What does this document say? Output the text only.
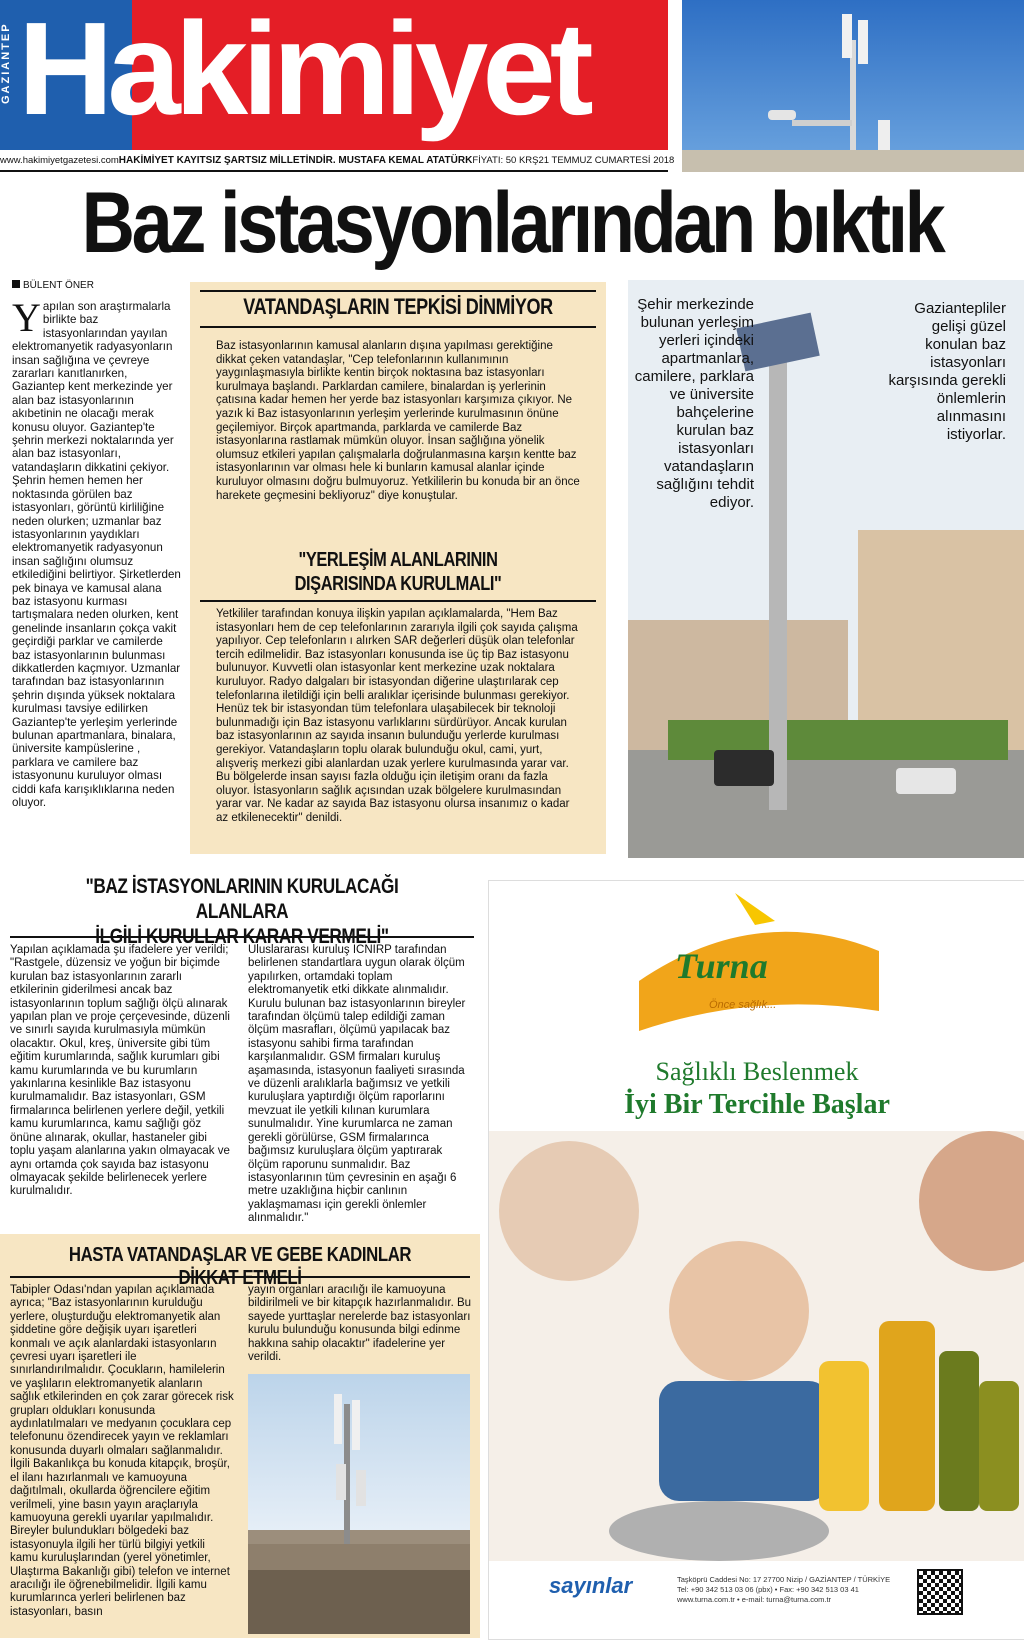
GAZIANTEP Hakimiyet
www.hakimiyetgazetesi.com HAKİMİYET KAYITSIZ ŞARTSIZ MİLLETİNDİR. MUSTAFA KEMAL ATATÜRK FİYATI: 50 KRŞ 21 TEMMUZ CUMARTESİ 2018
Baz istasyonlarından bıktık
BÜLENT ÖNER
Yapılan son araştırmalarla birlikte baz istasyonlarından yayılan elektromanyetik radyasyonların insan sağlığına ve çevreye zararları kanıtlanırken, Gaziantep kent merkezinde yer alan baz istasyonlarının akıbetinin ne olacağı merak konusu oluyor. Gaziantep'te şehrin merkezi noktalarında yer alan baz istasyonları, vatandaşların dikkatini çekiyor. Şehrin hemen hemen her noktasında görülen baz istasyonları, görüntü kirliliğine neden olurken; uzmanlar baz istasyonlarının yaydıkları elektromanyetik radyasyonun insan sağlığını olumsuz etkilediğini belirtiyor. Şirketlerden pek binaya ve kamusal alana baz istasyonu kurması tartışmalara neden olurken, kent genelinde insanların çokça vakit geçirdiği parklar ve camilerde baz istasyonlarının bulunması dikkatlerden kaçmıyor. Uzmanlar tarafından baz istasyonlarının şehrin dışında yüksek noktalara kurulması tavsiye edilirken Gaziantep'te yerleşim yerlerinde bulunan apartmanlara, binalara, üniversite kampüslerine , parklara ve camilere baz istasyonunu kuruluyor olması ciddi kafa karışıklıklarına neden oluyor.
VATANDAŞLARIN TEPKİSİ DİNMİYOR
Baz istasyonlarının kamusal alanların dışına yapılması gerektiğine dikkat çeken vatandaşlar, "Cep telefonlarının kullanımının yaygınlaşmasıyla birlikte kentin birçok noktasına baz istasyonları kurulmaya başlandı. Parklardan camilere, binalardan iş yerlerinin çatısına kadar hemen her yerde baz istasyonları karşımıza çıkıyor. Ne yazık ki Baz istasyonlarının yerleşim yerlerinde kurulmasının önüne geçilemiyor. Birçok apartmanda, parklarda ve camilerde Baz istasyonlarına rastlamak mümkün oluyor. İnsan sağlığına yönelik olumsuz etkileri yapılan çalışmalarla doğrulanmasına karşın kentte baz istasyonlarının var olması hele ki bunların kamusal alanlar içinde kuruluyor olmasını doğru bulmuyoruz. Yetkililerin bu konuda bir an önce harekete geçmesini bekliyoruz" diye konuştular.
"YERLEŞİM ALANLARININ
DIŞARISINDA KURULMALI"
Yetkililer tarafından konuya ilişkin yapılan açıklamalarda, "Hem Baz istasyonları hem de cep telefonlarının zararıyla ilgili çok sayıda çalışma yapılıyor. Cep telefonların ı alırken SAR değerleri düşük olan telefonlar tercih edilmelidir. Baz istasyonları konusunda ise üç tip Baz istasyonu bulunuyor. Kuvvetli olan istasyonlar kent merkezine uzak noktalara kuruluyor. Radyo dalgaları bir istasyondan diğerine ulaştırılarak cep telefonlarına iletildiği için belli aralıklar içerisinde bulunması gerekiyor. Henüz tek bir istasyondan tüm telefonlara ulaşabilecek bir teknoloji bulunmadığı için Baz istasyonu varlıklarını sürdürüyor. Ancak kurulan baz istasyonlarının az sayıda insanın bulunduğu yerlerde kurulması gerekiyor. Vatandaşların toplu olarak bulunduğu okul, cami, yurt, alışveriş merkezi gibi alanlardan uzak yerlere kurulmasında yarar var. Bu bölgelerde insan sayısı fazla olduğu için iletişim oranı da fazla oluyor. İstasyonların sağlık açısından uzak bölgelere kurulmasından yarar var. Ne kadar az sayıda Baz istasyonu olursa insanımız o kadar az etkilenecektir" denildi.
Şehir merkezinde bulunan yerleşim yerleri içindeki apartmanlara, camilere, parklara ve üniversite bahçelerine kurulan baz istasyonları vatandaşların sağlığını tehdit ediyor.
Gaziantepliler gelişi güzel konulan baz istasyonları karşısında gerekli önlemlerin alınmasını istiyorlar.
"BAZ İSTASYONLARININ KURULACAĞI ALANLARA
İLGİLİ KURULLAR KARAR VERMELİ"
Yapılan açıklamada şu ifadelere yer verildi; "Rastgele, düzensiz ve yoğun bir biçimde kurulan baz istasyonlarının zararlı etkilerinin giderilmesi ancak baz istasyonlarının toplum sağlığı ölçü alınarak yapılan plan ve proje çerçevesinde, düzenli ve sınırlı sayıda kurulmasıyla mümkün olacaktır. Okul, kreş, üniversite gibi tüm eğitim kurumlarında, sağlık kurumları gibi kamu kurumlarında ve bu kurumların yakınlarına kesinlikle Baz istasyonu kurulmamalıdır. Baz istasyonları, GSM firmalarınca belirlenen yerlere değil, yetkili kamu kurumlarınca, kamu sağlığı göz önüne alınarak, okullar, hastaneler gibi toplu yaşam alanlarına yakın olmayacak ve aynı ortamda çok sayıda baz istasyonu olmayacak şekilde belirlenecek yerlere kurulmalıdır.
Uluslararası kuruluş ICNIRP tarafından belirlenen standartlara uygun olarak ölçüm yapılırken, ortamdaki toplam elektromanyetik etki dikkate alınmalıdır. Kurulu bulunan baz istasyonlarının bireyler tarafından ölçümü talep edildiği zaman ölçüm masrafları, ölçümü yapılacak baz istasyonu sahibi firma tarafından karşılanmalıdır. GSM firmaları kuruluş aşamasında, istasyonun faaliyeti sırasında ve düzenli aralıklarla bağımsız ve yetkili kuruluşlara yaptırdığı ölçüm raporlarını mevzuat ile yetkili kılınan kurumlara sunulmalıdır. Yine kurumlarca ne zaman gerekli görülürse, GSM firmalarınca bağımsız kuruluşlara ölçüm yaptırarak ölçüm raporunu sunmalıdır. Baz istasyonlarının tüm çevresinin en aşağı 6 metre uzaklığına hiçbir canlının yaklaşmaması için gerekli önlemler alınmalıdır."
HASTA VATANDAŞLAR VE GEBE KADINLAR DİKKAT ETMELİ
Tabipler Odası'ndan yapılan açıklamada ayrıca; "Baz istasyonlarının kurulduğu yerlere, oluşturduğu elektromanyetik alan şiddetine göre değişik uyarı işaretleri konmalı ve açık alanlardaki istasyonların çevresi uyarı işaretleri ile sınırlandırılmalıdır. Çocukların, hamilelerin ve yaşlıların elektromanyetik alanların sağlık etkilerinden en çok zarar görecek risk grupları oldukları konusunda aydınlatılmaları ve medyanın çocuklara cep telefonunu özendirecek yayın ve reklamları konusunda duyarlı olmaları sağlanmalıdır. İlgili Bakanlıkça bu konuda kitapçık, broşür, el ilanı hazırlanmalı ve kamuoyuna dağıtılmalı, okullarda öğrencilere eğitim verilmeli, yine basın yayın araçlarıyla kamuoyuna gerekli uyarılar yapılmalıdır. Bireyler bulundukları bölgedeki baz istasyonuyla ilgili her türlü bilgiyi yetkili kamu kuruluşlarından (yerel yönetimler, Ulaştırma Bakanlığı gibi) telefon ve internet aracılığı ile öğrenebilmelidir. İlgili kamu kurumlarınca yerleri belirlenen baz istasyonları, basın
yayın organları aracılığı ile kamuoyuna bildirilmeli ve bir kitapçık hazırlanmalıdır. Bu sayede yurttaşlar nerelerde baz istasyonları kurulu bulunduğu konusunda bilgi edinme hakkına sahip olacaktır" ifadelerine yer verildi.
Turna
Önce sağlık...
Sağlıklı Beslenmek
İyi Bir Tercihle Başlar
sayınlar	Taşköprü Caddesi No: 17 27700 Nizip / GAZİANTEP / TÜRKİYE
Tel: +90 342 513 03 06 (pbx) • Fax: +90 342 513 03 41
www.turna.com.tr • e-mail: turna@turna.com.tr
